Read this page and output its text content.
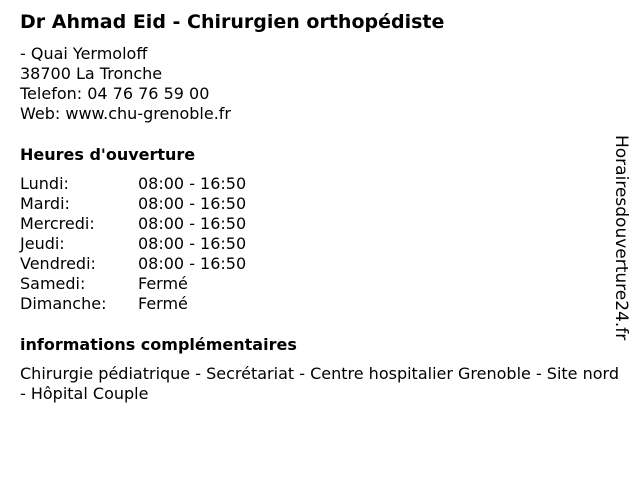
Dr Ahmad Eid - Chirurgien orthopédiste
- Quai Yermoloff
38700 La Tronche
Telefon: 04 76 76 59 00
Web: www.chu-grenoble.fr
Heures d'ouverture
Lundi:	08:00 - 16:50
Mardi:	08:00 - 16:50
Mercredi:	08:00 - 16:50
Jeudi:	08:00 - 16:50
Vendredi:	08:00 - 16:50
Samedi:	Fermé
Dimanche:	Fermé
informations complémentaires
Chirurgie pédiatrique - Secrétariat - Centre hospitalier Grenoble - Site nord - Hôpital Couple
Horairesdouverture24.fr
